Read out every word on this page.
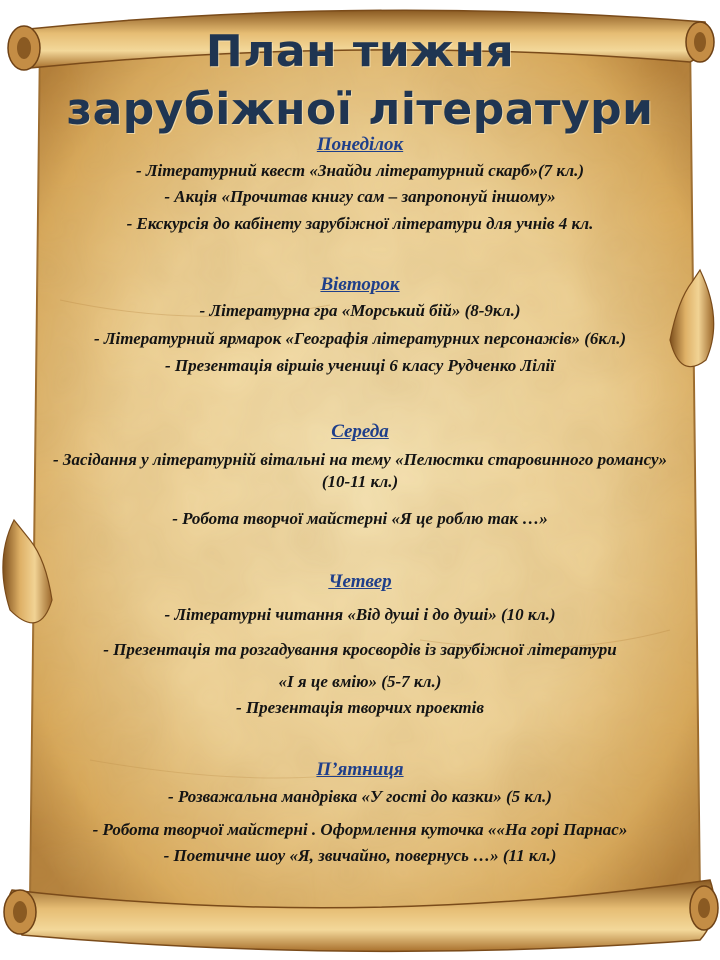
План тижня
зарубіжної літератури
Понеділок
- Літературний квест «Знайди літературний скарб»(7 кл.)
- Акція «Прочитав книгу сам – запропонуй іншому»
- Екскурсія до кабінету зарубіжної літератури для учнів 4 кл.
Вівторок
- Літературна гра «Морський бій» (8-9кл.)
- Літературний ярмарок «Географія літературних персонажів» (6кл.)
- Презентація віршів учениці 6 класу Рудченко Лілії
Середа
- Засідання у літературній вітальні на тему «Пелюстки старовинного романсу» (10-11 кл.)
- Робота творчої майстерні «Я це роблю так …»
Четвер
- Літературні читання «Від душі і до душі» (10 кл.)
- Презентація та розгадування кросвордів із зарубіжної літератури
«І я це вмію» (5-7 кл.)
- Презентація творчих проектів
П’ятниця
- Розважальна мандрівка «У гості до казки» (5 кл.)
- Робота творчої майстерні . Оформлення куточка ««На горі Парнас»
- Поетичне шоу «Я, звичайно, повернусь …» (11 кл.)
